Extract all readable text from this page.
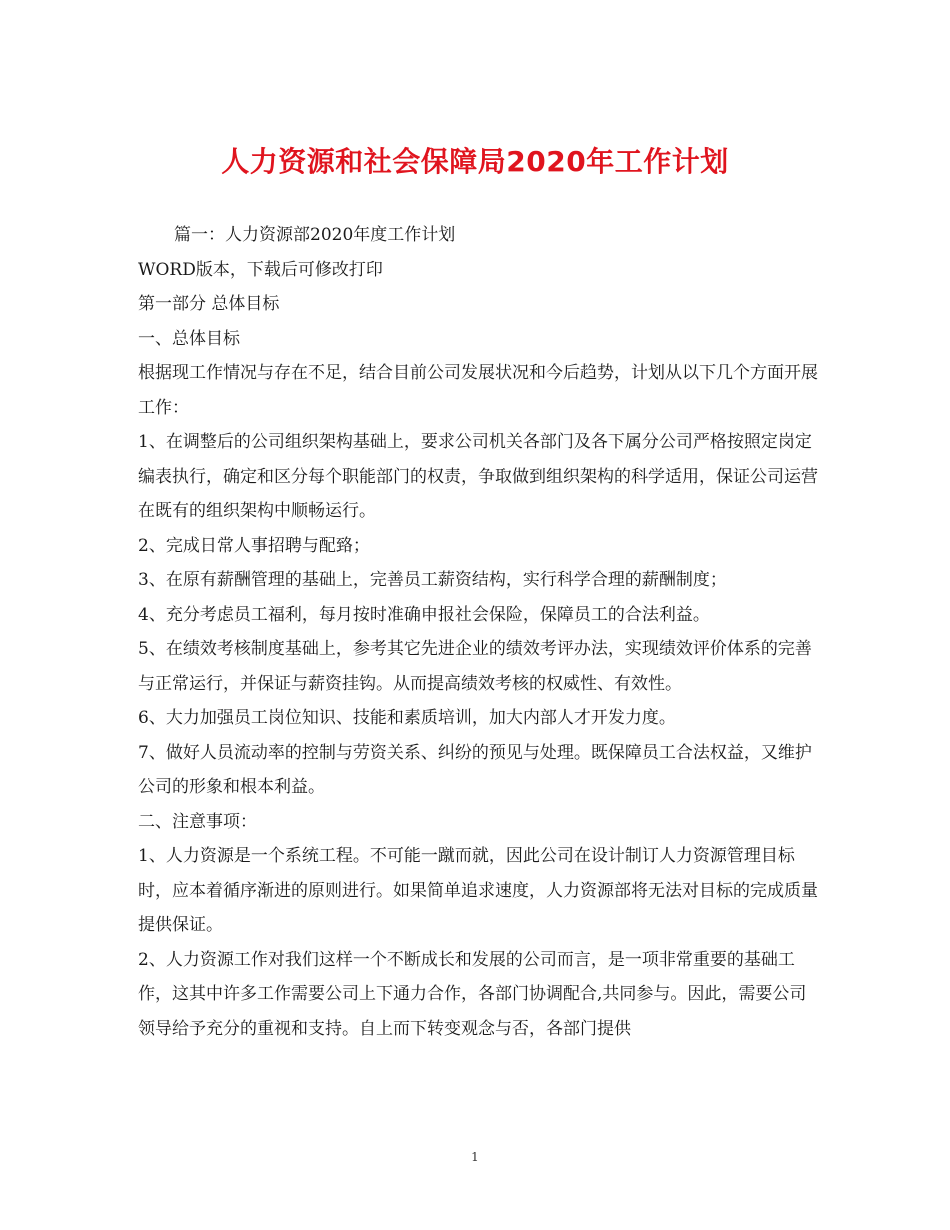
人力资源和社会保障局2020年工作计划

篇一：人力资源部2020年度工作计划

WORD版本，下载后可修改打印

第一部分 总体目标

一、总体目标

根据现工作情况与存在不足，结合目前公司发展状况和今后趋势，计划从以下几个方面开展工作：

1、在调整后的公司组织架构基础上，要求公司机关各部门及各下属分公司严格按照定岗定编表执行，确定和区分每个职能部门的权责，争取做到组织架构的科学适用，保证公司运营在既有的组织架构中顺畅运行。

2、完成日常人事招聘与配臵；

3、在原有薪酬管理的基础上，完善员工薪资结构，实行科学合理的薪酬制度；

4、充分考虑员工福利，每月按时准确申报社会保险，保障员工的合法利益。

5、在绩效考核制度基础上，参考其它先进企业的绩效考评办法，实现绩效评价体系的完善与正常运行，并保证与薪资挂钩。从而提高绩效考核的权威性、有效性。

6、大力加强员工岗位知识、技能和素质培训，加大内部人才开发力度。

7、做好人员流动率的控制与劳资关系、纠纷的预见与处理。既保障员工合法权益，又维护公司的形象和根本利益。

二、注意事项：

1、人力资源是一个系统工程。不可能一蹴而就，因此公司在设计制订人力资源管理目标时，应本着循序渐进的原则进行。如果简单追求速度，人力资源部将无法对目标的完成质量提供保证。

2、人力资源工作对我们这样一个不断成长和发展的公司而言，是一项非常重要的基础工作，这其中许多工作需要公司上下通力合作，各部门协调配合,共同参与。因此，需要公司领导给予充分的重视和支持。自上而下转变观念与否，各部门提供

1
